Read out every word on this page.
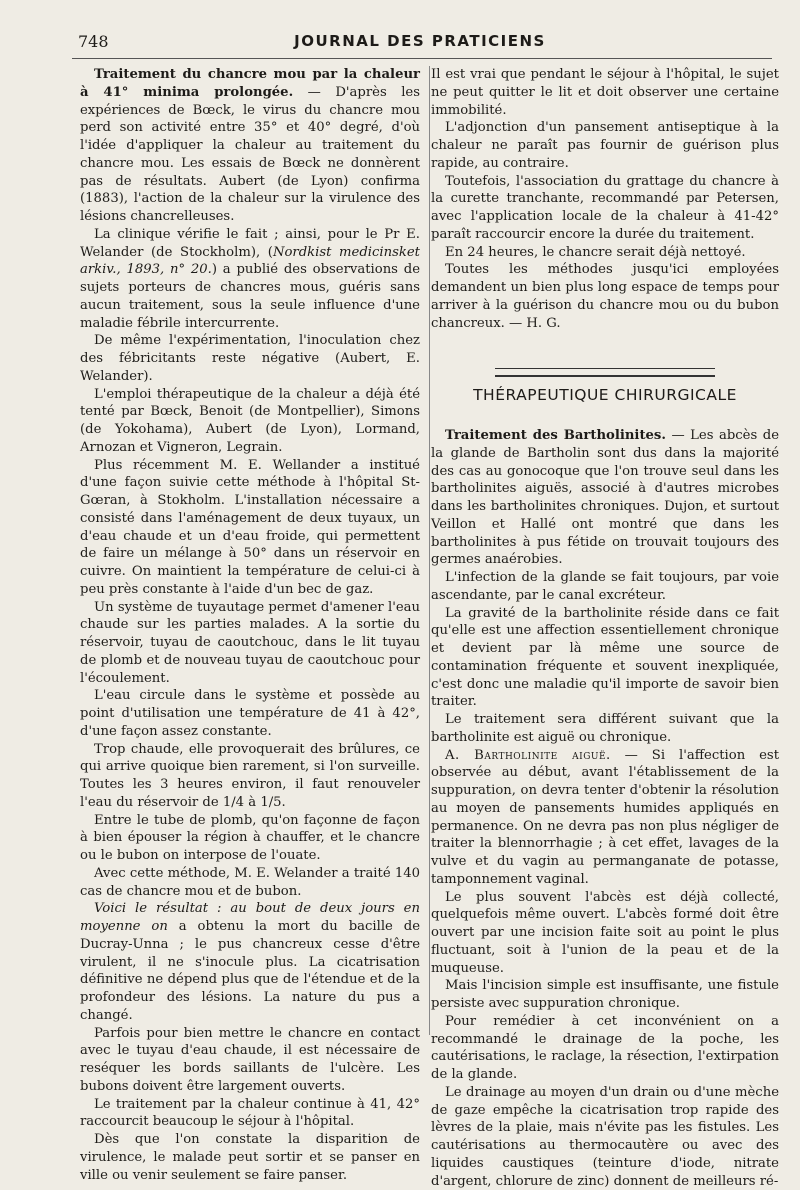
748	JOURNAL DES PRATICIENS

Traitement du chancre mou par la chaleur à 41° minima prolongée. — D'après les expériences de Bœck, le virus du chancre mou perd son activité entre 35° et 40° degré, d'où l'idée d'appliquer la chaleur au traitement du chancre mou. Les essais de Bœck ne donnèrent pas de résultats. Aubert (de Lyon) confirma (1883), l'action de la chaleur sur la virulence des lésions chancrelleuses.

La clinique vérifie le fait ; ainsi, pour le Pr E. Welander (de Stockholm), (Nordkist medicinsket arkiv., 1893, n° 20.) a publié des observations de sujets porteurs de chancres mous, guéris sans aucun traitement, sous la seule influence d'une maladie fébrile intercurrente.

De même l'expérimentation, l'inoculation chez des fébricitants reste négative (Aubert, E. Welander).

L'emploi thérapeutique de la chaleur a déjà été tenté par Bœck, Benoit (de Montpellier), Simons (de Yokohama), Aubert (de Lyon), Lormand, Arnozan et Vigneron, Legrain.

Plus récemment M. E. Wellander a institué d'une façon suivie cette méthode à l'hôpital St-Gœran, à Stokholm. L'installation nécessaire a consisté dans l'aménagement de deux tuyaux, un d'eau chaude et un d'eau froide, qui permettent de faire un mélange à 50° dans un réservoir en cuivre. On maintient la température de celui-ci à peu près constante à l'aide d'un bec de gaz.

Un système de tuyautage permet d'amener l'eau chaude sur les parties malades. A la sortie du réservoir, tuyau de caoutchouc, dans le lit tuyau de plomb et de nouveau tuyau de caoutchouc pour l'écoulement.

L'eau circule dans le système et possède au point d'utilisation une température de 41 à 42°, d'une façon assez constante.

Trop chaude, elle provoquerait des brûlures, ce qui arrive quoique bien rarement, si l'on surveille. Toutes les 3 heures environ, il faut renouveler l'eau du réservoir de 1/4 à 1/5.

Entre le tube de plomb, qu'on façonne de façon à bien épouser la région à chauffer, et le chancre ou le bubon on interpose de l'ouate.

Avec cette méthode, M. E. Welander a traité 140 cas de chancre mou et de bubon.

Voici le résultat : au bout de deux jours en moyenne on a obtenu la mort du bacille de Ducray-Unna ; le pus chancreux cesse d'être virulent, il ne s'inocule plus. La cicatrisation définitive ne dépend plus que de l'étendue et de la profondeur des lésions. La nature du pus a changé.

Parfois pour bien mettre le chancre en contact avec le tuyau d'eau chaude, il est nécessaire de reséquer les bords saillants de l'ulcère. Les bubons doivent être largement ouverts.

Le traitement par la chaleur continue à 41, 42° raccourcit beaucoup le séjour à l'hôpital.

Dès que l'on constate la disparition de virulence, le malade peut sortir et se panser en ville ou venir seulement se faire panser.

Il est vrai que pendant le séjour à l'hôpital, le sujet ne peut quitter le lit et doit observer une certaine immobilité.

L'adjonction d'un pansement antiseptique à la chaleur ne paraît pas fournir de guérison plus rapide, au contraire.

Toutefois, l'association du grattage du chancre à la curette tranchante, recommandé par Petersen, avec l'application locale de la chaleur à 41-42° paraît raccourcir encore la durée du traitement.

En 24 heures, le chancre serait déjà nettoyé.

Toutes les méthodes jusqu'ici employées demandent un bien plus long espace de temps pour arriver à la guérison du chancre mou ou du bubon chancreux. — H. G.

THÉRAPEUTIQUE CHIRURGICALE

Traitement des Bartholinites. — Les abcès de la glande de Bartholin sont dus dans la majorité des cas au gonocoque que l'on trouve seul dans les bartholinites aiguës, associé à d'autres microbes dans les bartholinites chroniques. Dujon, et surtout Veillon et Hallé ont montré que dans les bartholinites à pus fétide on trouvait toujours des germes anaérobies.

L'infection de la glande se fait toujours, par voie ascendante, par le canal excréteur.

La gravité de la bartholinite réside dans ce fait qu'elle est une affection essentiellement chronique et devient par là même une source de contamination fréquente et souvent inexpliquée, c'est donc une maladie qu'il importe de savoir bien traiter.

Le traitement sera différent suivant que la bartholinite est aiguë ou chronique.

A. Bartholinite aiguë. — Si l'affection est observée au début, avant l'établissement de la suppuration, on devra tenter d'obtenir la résolution au moyen de pansements humides appliqués en permanence. On ne devra pas non plus négliger de traiter la blennorrhagie ; à cet effet, lavages de la vulve et du vagin au permanganate de potasse, tamponnement vaginal.

Le plus souvent l'abcès est déjà collecté, quelquefois même ouvert. L'abcès formé doit être ouvert par une incision faite soit au point le plus fluctuant, soit à l'union de la peau et de la muqueuse.

Mais l'incision simple est insuffisante, une fistule persiste avec suppuration chronique.

Pour remédier à cet inconvénient on a recommandé le drainage de la poche, les cautérisations, le raclage, la résection, l'extirpation de la glande.

Le drainage au moyen d'un drain ou d'une mèche de gaze empêche la cicatrisation trop rapide des lèvres de la plaie, mais n'évite pas les fistules. Les cautérisations au thermocautère ou avec des liquides caustiques (teinture d'iode, nitrate d'argent, chlorure de zinc) donnent de meilleurs ré-
